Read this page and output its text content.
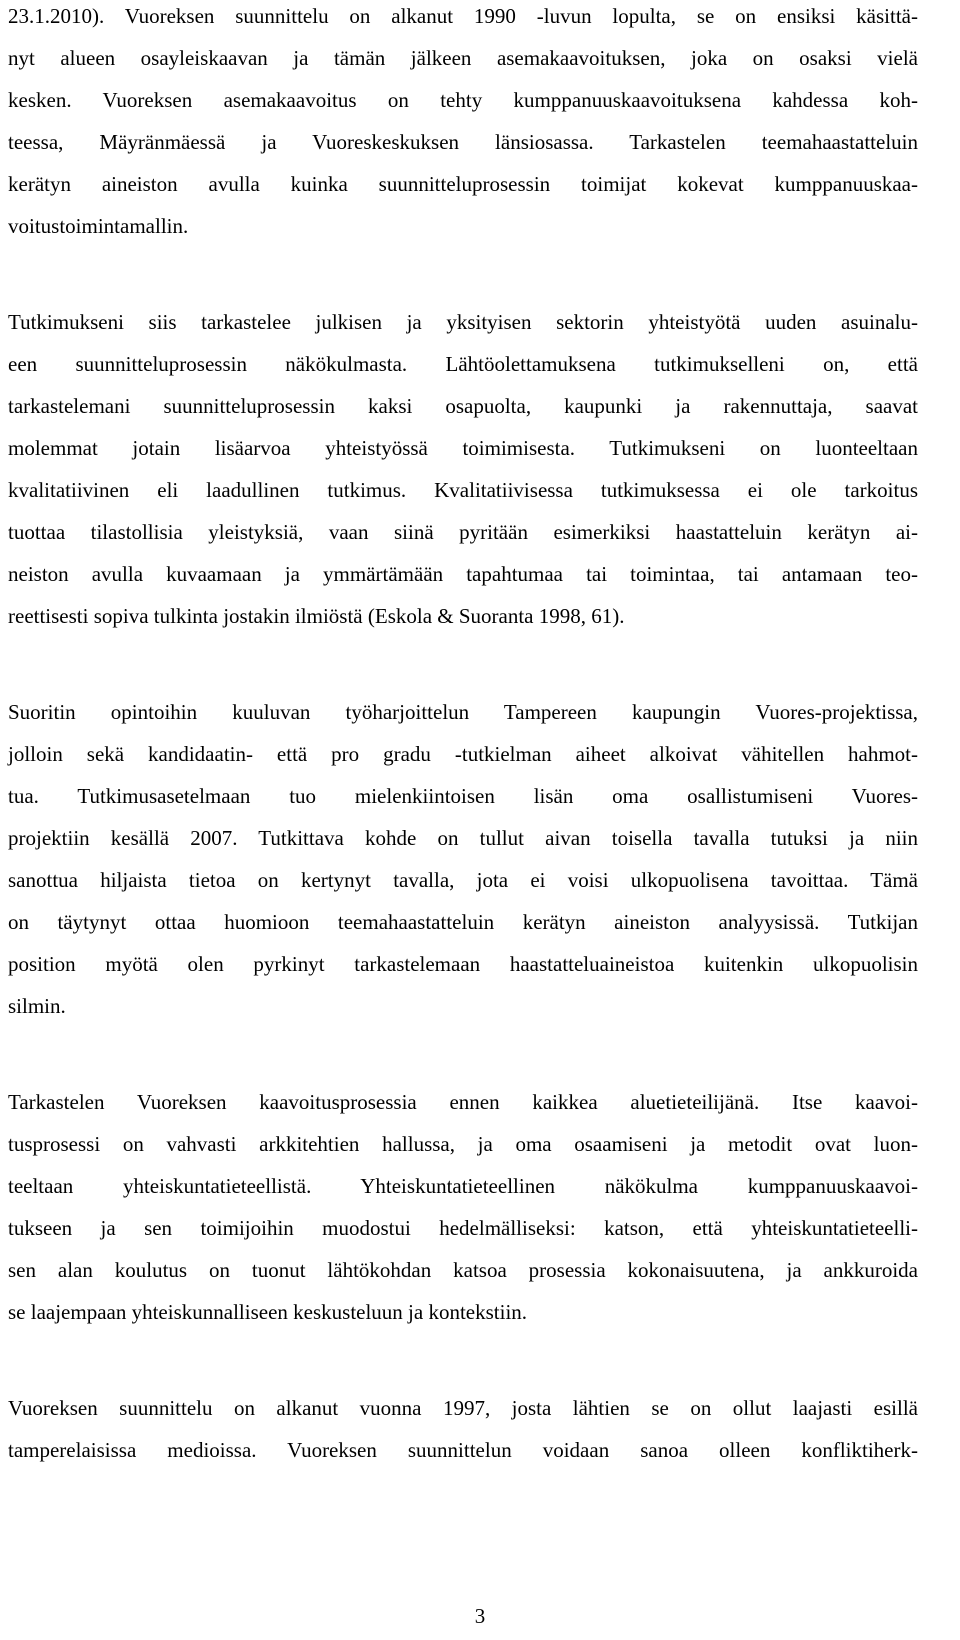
23.1.2010). Vuoreksen suunnittelu on alkanut 1990 -luvun lopulta, se on ensiksi käsittä-
nyt alueen osayleiskaavan ja tämän jälkeen asemakaavoituksen, joka on osaksi vielä
kesken. Vuoreksen asemakaavoitus on tehty kumppanuuskaavoituksena kahdessa koh-
teessa, Mäyränmäessä ja Vuoreskeskuksen länsiosassa. Tarkastelen teemahaastatteluin
kerätyn aineiston avulla kuinka suunnitteluprosessin toimijat kokevat kumppanuuskaa-
voitustoimintamallin.
Tutkimukseni siis tarkastelee julkisen ja yksityisen sektorin yhteistyötä uuden asuinalu-
een suunnitteluprosessin näkökulmasta. Lähtöolettamuksena tutkimukselleni on, että
tarkastelemani suunnitteluprosessin kaksi osapuolta, kaupunki ja rakennuttaja, saavat
molemmat jotain lisäarvoa yhteistyössä toimimisesta. Tutkimukseni on luonteeltaan
kvalitatiivinen eli laadullinen tutkimus. Kvalitatiivisessa tutkimuksessa ei ole tarkoitus
tuottaa tilastollisia yleistyksiä, vaan siinä pyritään esimerkiksi haastatteluin kerätyn ai-
neiston avulla kuvaamaan ja ymmärtämään tapahtumaa tai toimintaa, tai antamaan teo-
reettisesti sopiva tulkinta jostakin ilmiöstä (Eskola & Suoranta 1998, 61).
Suoritin opintoihin kuuluvan työharjoittelun Tampereen kaupungin Vuores-projektissa,
jolloin sekä kandidaatin- että pro gradu -tutkielman aiheet alkoivat vähitellen hahmot-
tua. Tutkimusasetelmaan tuo mielenkiintoisen lisän oma osallistumiseni Vuores-
projektiin kesällä 2007. Tutkittava kohde on tullut aivan toisella tavalla tutuksi ja niin
sanottua hiljaista tietoa on kertynyt tavalla, jota ei voisi ulkopuolisena tavoittaa. Tämä
on täytynyt ottaa huomioon teemahaastatteluin kerätyn aineiston analyysissä. Tutkijan
position myötä olen pyrkinyt tarkastelemaan haastatteluaineistoa kuitenkin ulkopuolisin
silmin.
Tarkastelen Vuoreksen kaavoitusprosessia ennen kaikkea aluetieteilijänä. Itse kaavoi-
tusprosessi on vahvasti arkkitehtien hallussa, ja oma osaamiseni ja metodit ovat luon-
teeltaan yhteiskuntatieteellistä. Yhteiskuntatieteellinen näkökulma kumppanuuskaavoi-
tukseen ja sen toimijoihin muodostui hedelmälliseksi: katson, että yhteiskuntatieteelli-
sen alan koulutus on tuonut lähtökohdan katsoa prosessia kokonaisuutena, ja ankkuroida
se laajempaan yhteiskunnalliseen keskusteluun ja kontekstiin.
Vuoreksen suunnittelu on alkanut vuonna 1997, josta lähtien se on ollut laajasti esillä
tamperelaisissa medioissa. Vuoreksen suunnittelun voidaan sanoa olleen konfliktiherk-
3
